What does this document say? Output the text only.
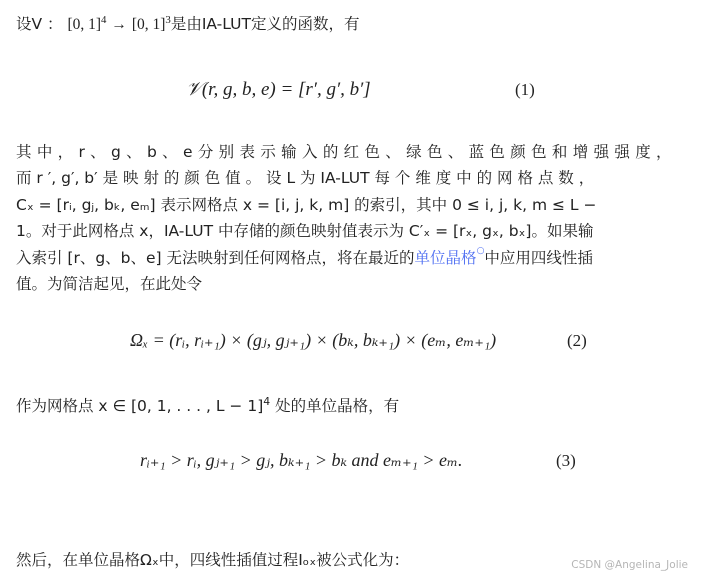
设V ： [0, 1]$^4$ → [0, 1]$^3$是由IA-LUT定义的函数，有
𝒱(r, g, b, e) = [r′, g′, b′]	(1)
其 中 ， r 、 g 、 b 、 e 分 别 表 示 输 入 的 红 色 、 绿 色 、 蓝 色 颜 色 和 增 强 强 度 ，
而 r ′, g′, b′ 是 映 射 的 颜 色 值 。 设 L 为 IA-LUT 每 个 维 度 中 的 网 格 点 数 ，
Cₓ = [rᵢ, gⱼ, bₖ, eₘ] 表示网格点 x = [i, j, k, m] 的索引，其中 0 ≤ i, j, k, m ≤ L −
1。对于此网格点 x，IA-LUT 中存储的颜色映射值表示为 C′ₓ = [rₓ, gₓ, bₓ]。如果输
入索引 [r、g、b、e] 无法映射到任何网格点，将在最近的单位晶格○中应用四线性插
值。为简洁起见，在此处令
Ωₓ = (rᵢ, rᵢ₊₁) × (gⱼ, gⱼ₊₁) × (bₖ, bₖ₊₁) × (eₘ, eₘ₊₁)	(2)
作为网格点 x ∈ [0, 1, . . . , L − 1]$^4$ 处的单位晶格，有
rᵢ₊₁ > rᵢ, gⱼ₊₁ > gⱼ, bₖ₊₁ > bₖ and eₘ₊₁ > eₘ.	(3)
然后，在单位晶格Ωₓ中，四线性插值过程Iₒₓ被公式化为：	CSDN @Angelina_Jolie
